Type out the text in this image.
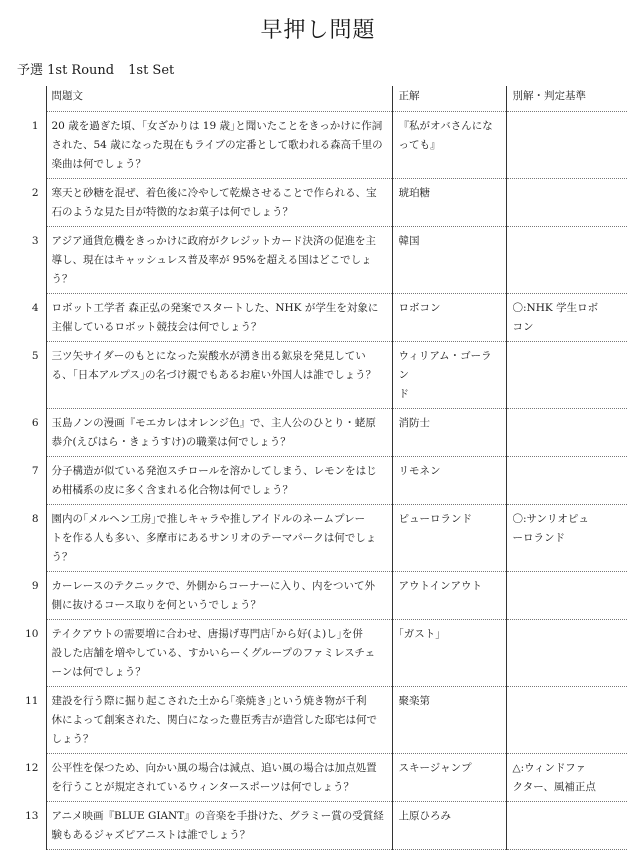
早押し問題
予選 1st Round 1st Set
	問題文	正解	別解・判定基準
1	20 歳を過ぎた頃、｢女ざかりは 19 歳｣と聞いたことをきっかけに作詞
された、54 歳になった現在もライブの定番として歌われる森高千里の
楽曲は何でしょう？	『私がオバさんにな
っても』	

2	寒天と砂糖を混ぜ、着色後に冷やして乾燥させることで作られる、宝
石のような見た目が特徴的なお菓子は何でしょう？	琥珀糖	

3	アジア通貨危機をきっかけに政府がクレジットカード決済の促進を主
導し、現在はキャッシュレス普及率が 95%を超える国はどこでしょ
う？	韓国	

4	ロボット工学者 森正弘の発案でスタートした、NHK が学生を対象に
主催しているロボット競技会は何でしょう？	ロボコン	〇:NHK 学生ロボ
コン

5	三ツ矢サイダーのもとになった炭酸水が湧き出る鉱泉を発見してい
る、｢日本アルプス｣の名づけ親でもあるお雇い外国人は誰でしょう？	ウィリアム・ゴーラン
ド	

6	玉島ノンの漫画『モエカレはオレンジ色』で、主人公のひとり・蛯原
恭介(えびはら・きょうすけ)の職業は何でしょう？	消防士	

7	分子構造が似ている発泡スチロールを溶かしてしまう、レモンをはじ
め柑橘系の皮に多く含まれる化合物は何でしょう？	リモネン	

8	園内の｢メルヘン工房｣で推しキャラや推しアイドルのネームプレー
トを作る人も多い、多摩市にあるサンリオのテーマパークは何でしょ
う？	ピューロランド	〇:サンリオピュ
ーロランド

9	カーレースのテクニックで、外側からコーナーに入り、内をついて外
側に抜けるコース取りを何というでしょう？	アウトインアウト	

10	テイクアウトの需要増に合わせ、唐揚げ専門店｢から好(よ)し｣を併
設した店舗を増やしている、すかいらーくグループのファミレスチェ
ーンは何でしょう？	｢ガスト｣	

11	建設を行う際に掘り起こされた土から｢楽焼き｣という焼き物が千利
休によって創案された、関白になった豊臣秀吉が造営した邸宅は何で
しょう？	聚楽第	

12	公平性を保つため、向かい風の場合は減点、追い風の場合は加点処置
を行うことが規定されているウィンタースポーツは何でしょう？	スキージャンプ	△:ウィンドファ
クター、風補正点

13	アニメ映画『BLUE GIANT』の音楽を手掛けた、グラミー賞の受賞経
験もあるジャズピアニストは誰でしょう？	上原ひろみ	
